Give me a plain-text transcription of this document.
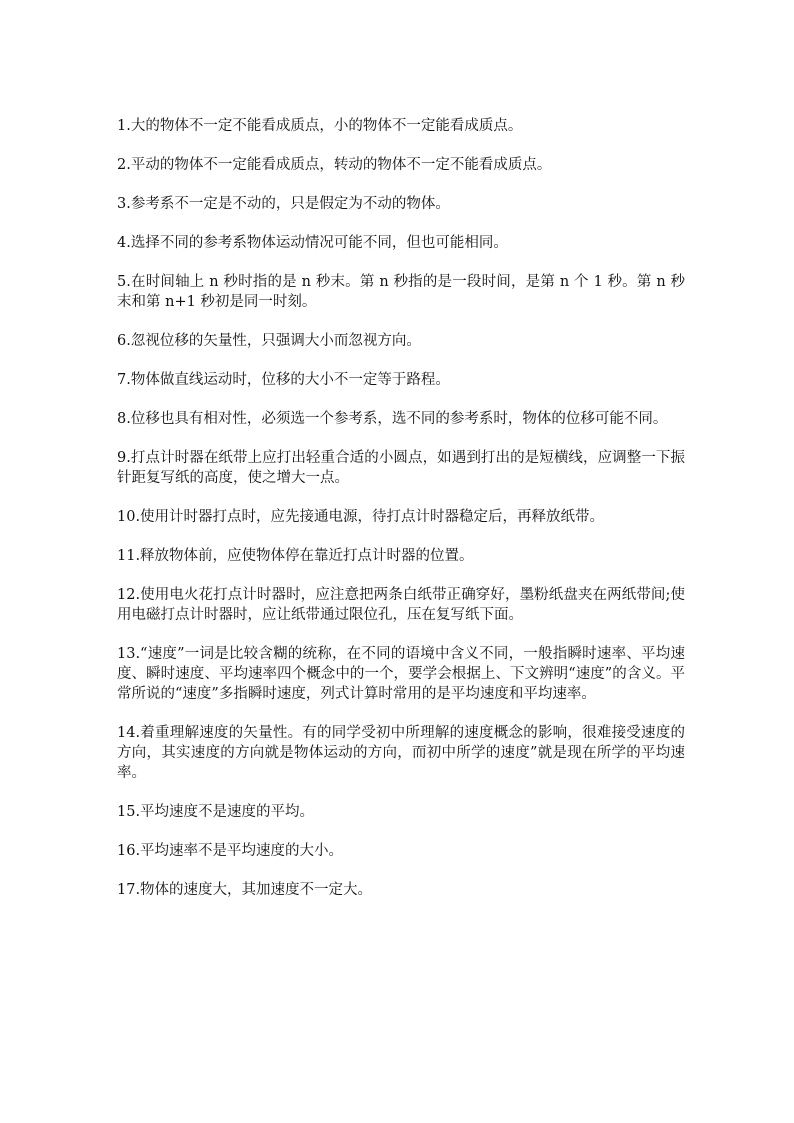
1.大的物体不一定不能看成质点，小的物体不一定能看成质点。

2.平动的物体不一定能看成质点，转动的物体不一定不能看成质点。

3.参考系不一定是不动的，只是假定为不动的物体。

4.选择不同的参考系物体运动情况可能不同，但也可能相同。

5.在时间轴上 n 秒时指的是 n 秒末。第 n 秒指的是一段时间，是第 n 个 1 秒。第 n 秒末和第 n+1 秒初是同一时刻。

6.忽视位移的矢量性，只强调大小而忽视方向。

7.物体做直线运动时，位移的大小不一定等于路程。

8.位移也具有相对性，必须选一个参考系，选不同的参考系时，物体的位移可能不同。

9.打点计时器在纸带上应打出轻重合适的小圆点，如遇到打出的是短横线，应调整一下振针距复写纸的高度，使之增大一点。

10.使用计时器打点时，应先接通电源，待打点计时器稳定后，再释放纸带。

11.释放物体前，应使物体停在靠近打点计时器的位置。

12.使用电火花打点计时器时，应注意把两条白纸带正确穿好，墨粉纸盘夹在两纸带间;使用电磁打点计时器时，应让纸带通过限位孔，压在复写纸下面。

13.“速度”一词是比较含糊的统称，在不同的语境中含义不同，一般指瞬时速率、平均速度、瞬时速度、平均速率四个概念中的一个，要学会根据上、下文辨明“速度”的含义。平常所说的“速度”多指瞬时速度，列式计算时常用的是平均速度和平均速率。

14.着重理解速度的矢量性。有的同学受初中所理解的速度概念的影响，很难接受速度的方向，其实速度的方向就是物体运动的方向，而初中所学的速度”就是现在所学的平均速率。

15.平均速度不是速度的平均。

16.平均速率不是平均速度的大小。

17.物体的速度大，其加速度不一定大。
